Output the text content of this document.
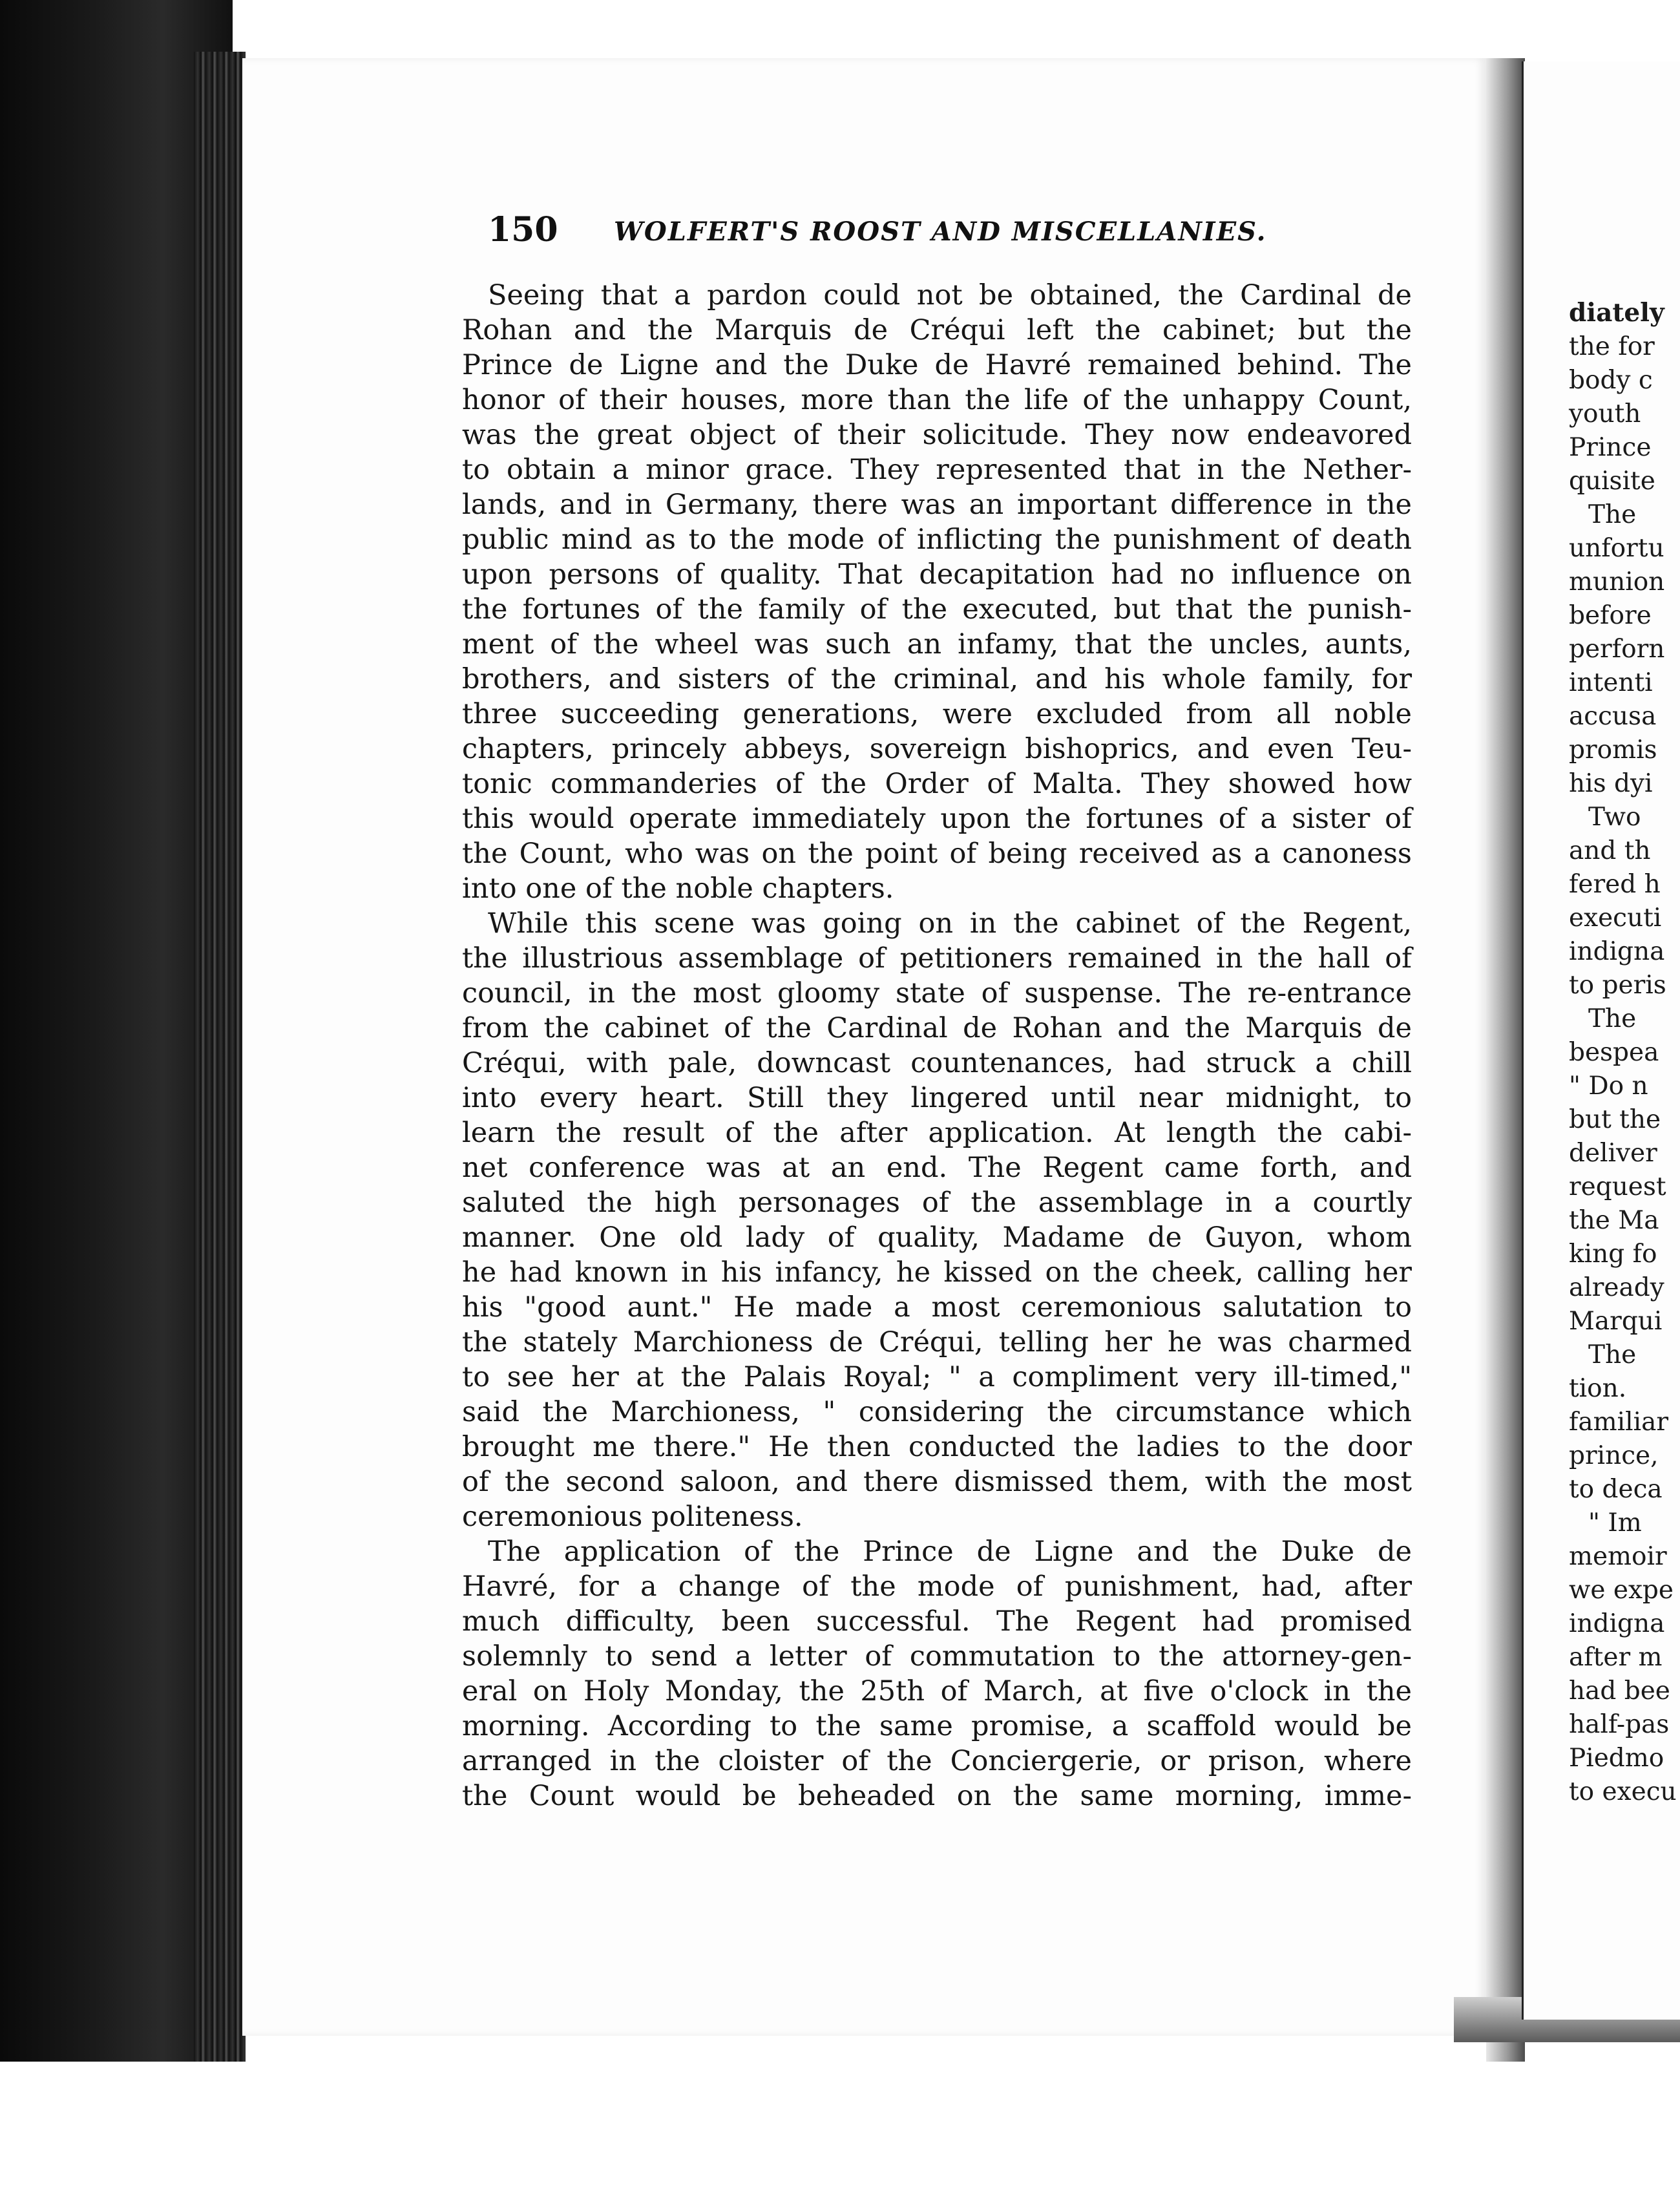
150 WOLFERT'S ROOST AND MISCELLANIES.
Seeing that a pardon could not be obtained, the Cardinal de
Rohan and the Marquis de Créqui left the cabinet; but the
Prince de Ligne and the Duke de Havré remained behind. The
honor of their houses, more than the life of the unhappy Count,
was the great object of their solicitude. They now endeavored
to obtain a minor grace. They represented that in the Nether-
lands, and in Germany, there was an important difference in the
public mind as to the mode of inflicting the punishment of death
upon persons of quality. That decapitation had no influence on
the fortunes of the family of the executed, but that the punish-
ment of the wheel was such an infamy, that the uncles, aunts,
brothers, and sisters of the criminal, and his whole family, for
three succeeding generations, were excluded from all noble
chapters, princely abbeys, sovereign bishoprics, and even Teu-
tonic commanderies of the Order of Malta. They showed how
this would operate immediately upon the fortunes of a sister of
the Count, who was on the point of being received as a canoness
into one of the noble chapters.
While this scene was going on in the cabinet of the Regent,
the illustrious assemblage of petitioners remained in the hall of
council, in the most gloomy state of suspense. The re-entrance
from the cabinet of the Cardinal de Rohan and the Marquis de
Créqui, with pale, downcast countenances, had struck a chill
into every heart. Still they lingered until near midnight, to
learn the result of the after application. At length the cabi-
net conference was at an end. The Regent came forth, and
saluted the high personages of the assemblage in a courtly
manner. One old lady of quality, Madame de Guyon, whom
he had known in his infancy, he kissed on the cheek, calling her
his "good aunt." He made a most ceremonious salutation to
the stately Marchioness de Créqui, telling her he was charmed
to see her at the Palais Royal; " a compliment very ill-timed,"
said the Marchioness, " considering the circumstance which
brought me there." He then conducted the ladies to the door
of the second saloon, and there dismissed them, with the most
ceremonious politeness.
The application of the Prince de Ligne and the Duke de
Havré, for a change of the mode of punishment, had, after
much difficulty, been successful. The Regent had promised
solemnly to send a letter of commutation to the attorney-gen-
eral on Holy Monday, the 25th of March, at five o'clock in the
morning. According to the same promise, a scaffold would be
arranged in the cloister of the Conciergerie, or prison, where
the Count would be beheaded on the same morning, imme-
diately
the for
body c
youth
Prince
quisite
The
unfortu
munion
before
perforn
intenti
accusa
promis
his dyi
Two
and th
fered h
executi
indigna
to peris
The
bespea
" Do n
but the
deliver
request
the Ma
king fo
already
Marqui
The
tion.
familiar
prince,
to deca
" Im
memoir
we expe
indigna
after m
had bee
half-pas
Piedmo
to execu
